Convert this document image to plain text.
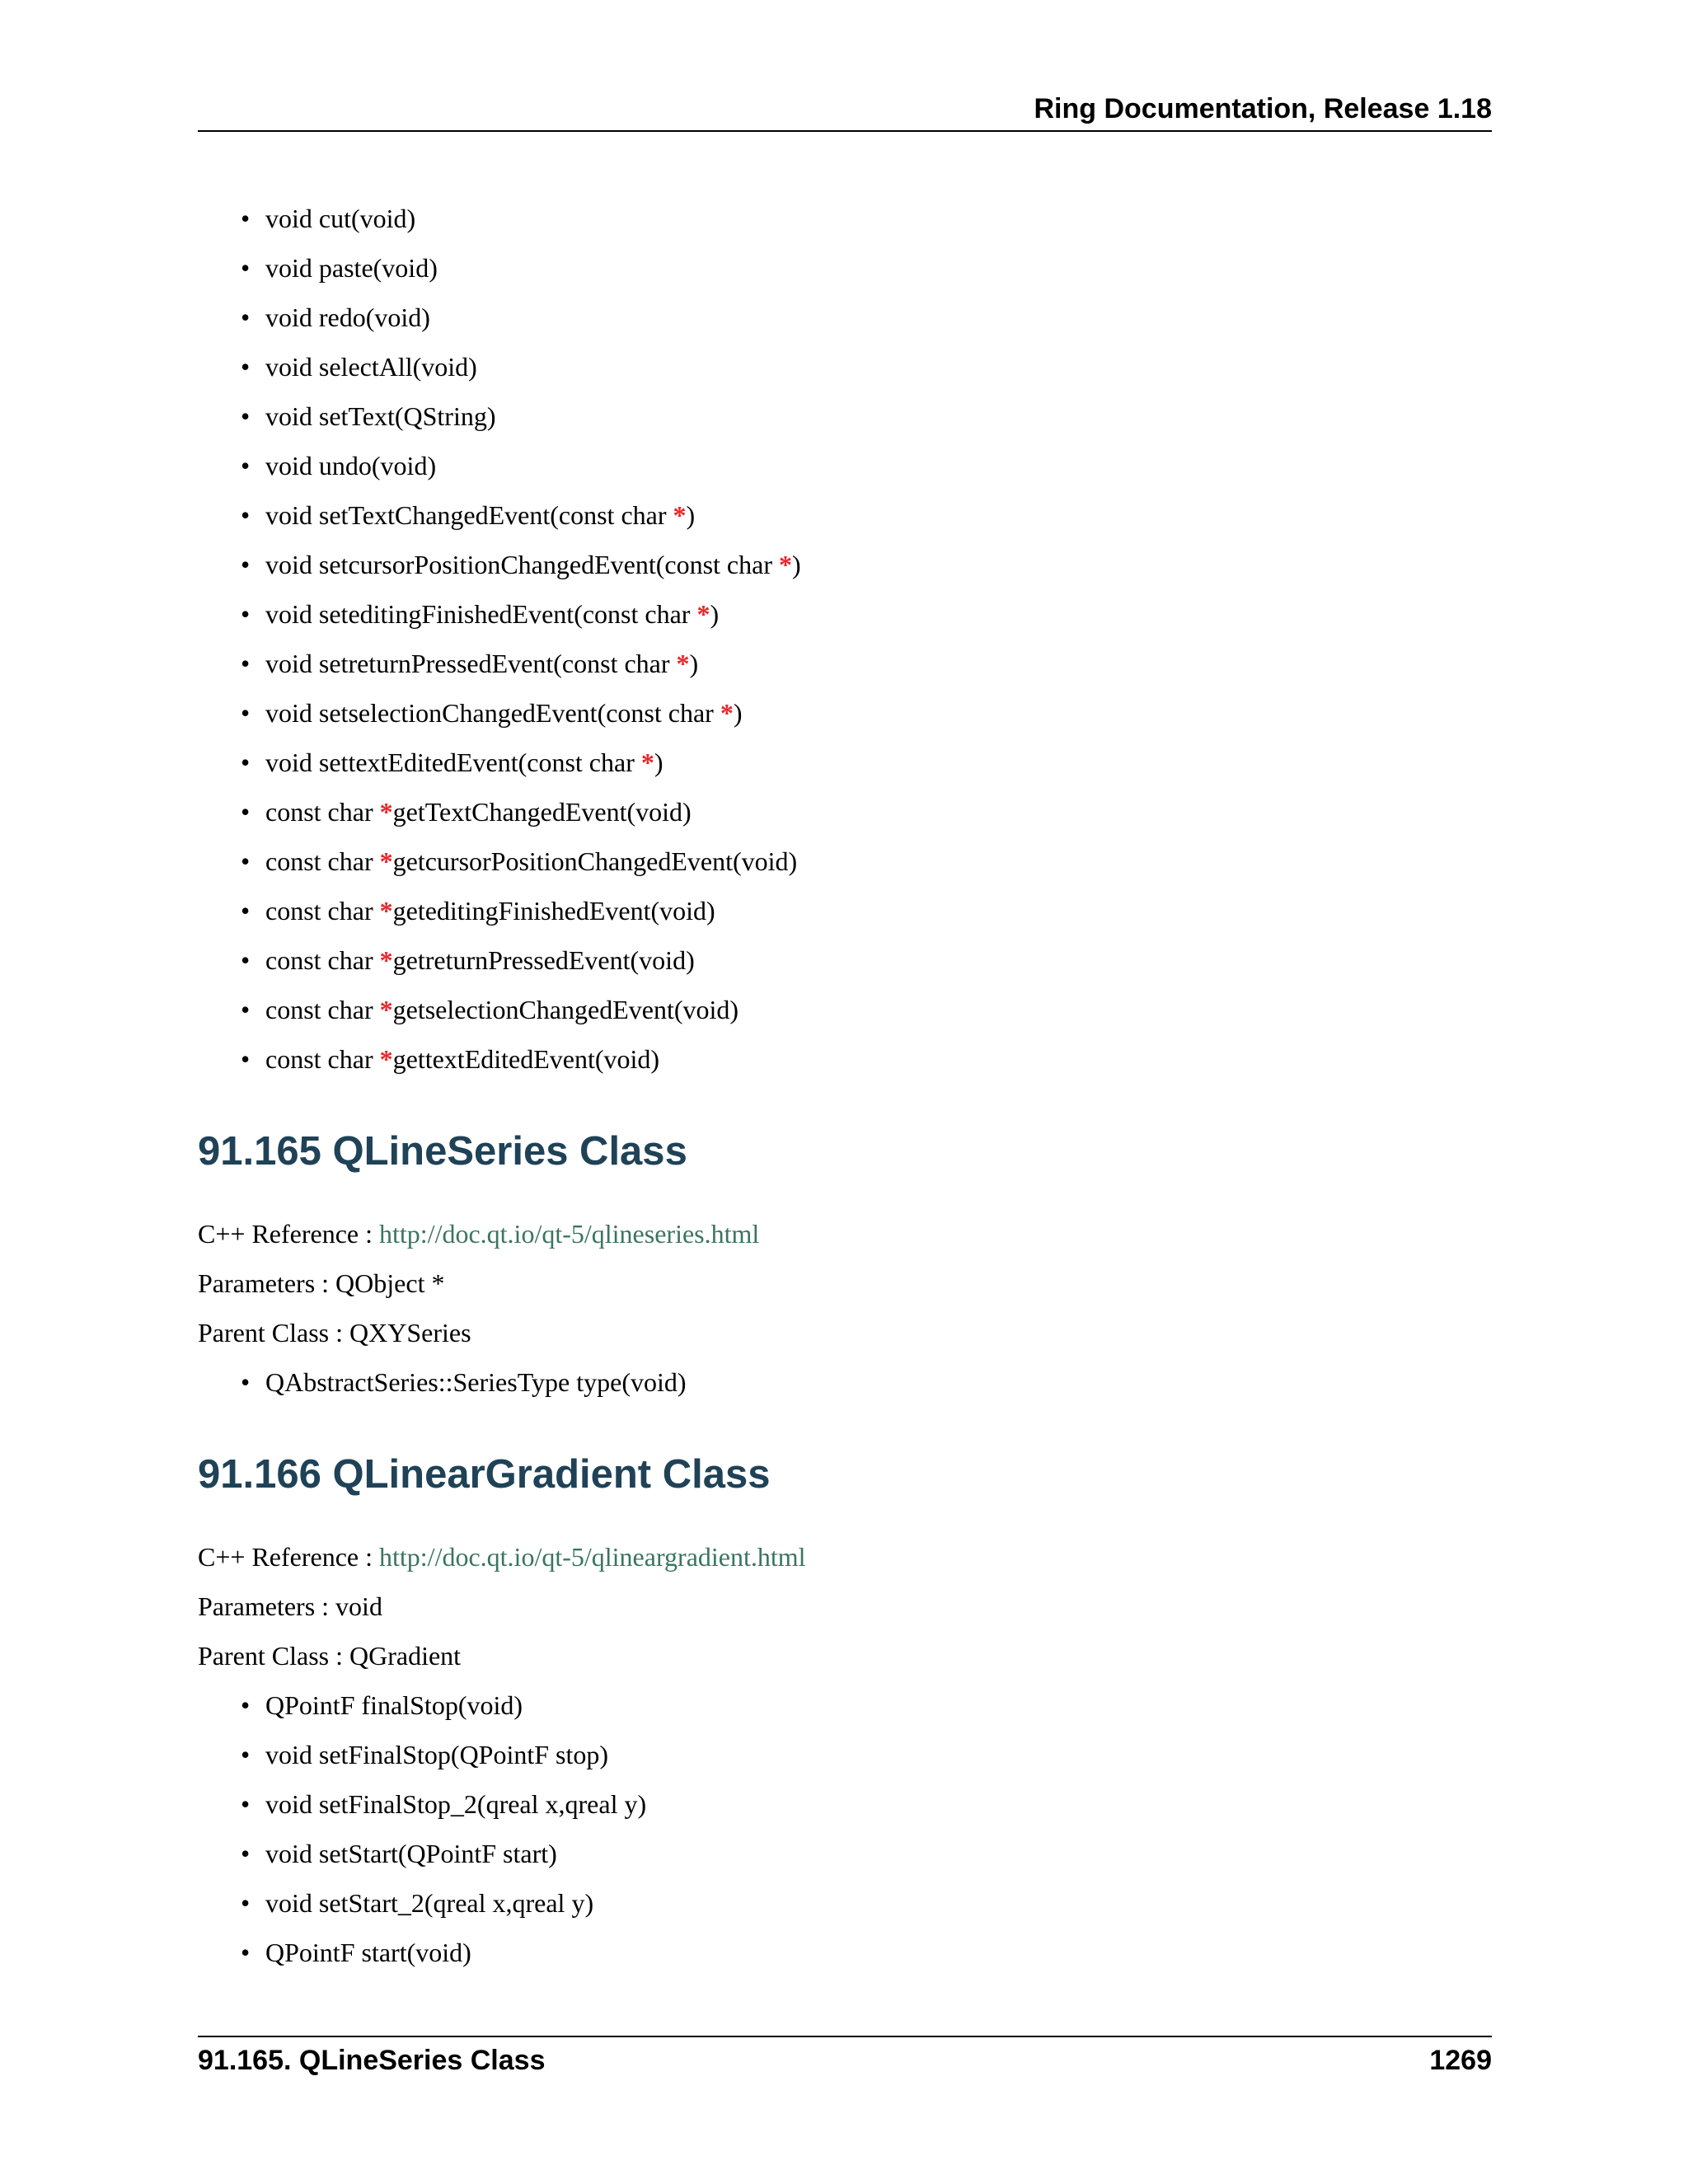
Ring Documentation, Release 1.18
• void cut(void)
• void paste(void)
• void redo(void)
• void selectAll(void)
• void setText(QString)
• void undo(void)
• void setTextChangedEvent(const char *)
• void setcursorPositionChangedEvent(const char *)
• void seteditingFinishedEvent(const char *)
• void setreturnPressedEvent(const char *)
• void setselectionChangedEvent(const char *)
• void settextEditedEvent(const char *)
• const char *getTextChangedEvent(void)
• const char *getcursorPositionChangedEvent(void)
• const char *geteditingFinishedEvent(void)
• const char *getreturnPressedEvent(void)
• const char *getselectionChangedEvent(void)
• const char *gettextEditedEvent(void)
91.165 QLineSeries Class

C++ Reference : http://doc.qt.io/qt-5/qlineseries.html

Parameters : QObject *

Parent Class : QXYSeries

• QAbstractSeries::SeriesType type(void)
91.166 QLinearGradient Class

C++ Reference : http://doc.qt.io/qt-5/qlineargradient.html

Parameters : void

Parent Class : QGradient

• QPointF finalStop(void)
• void setFinalStop(QPointF stop)
• void setFinalStop_2(qreal x,qreal y)
• void setStart(QPointF start)
• void setStart_2(qreal x,qreal y)
• QPointF start(void)
91.165. QLineSeries Class	1269
